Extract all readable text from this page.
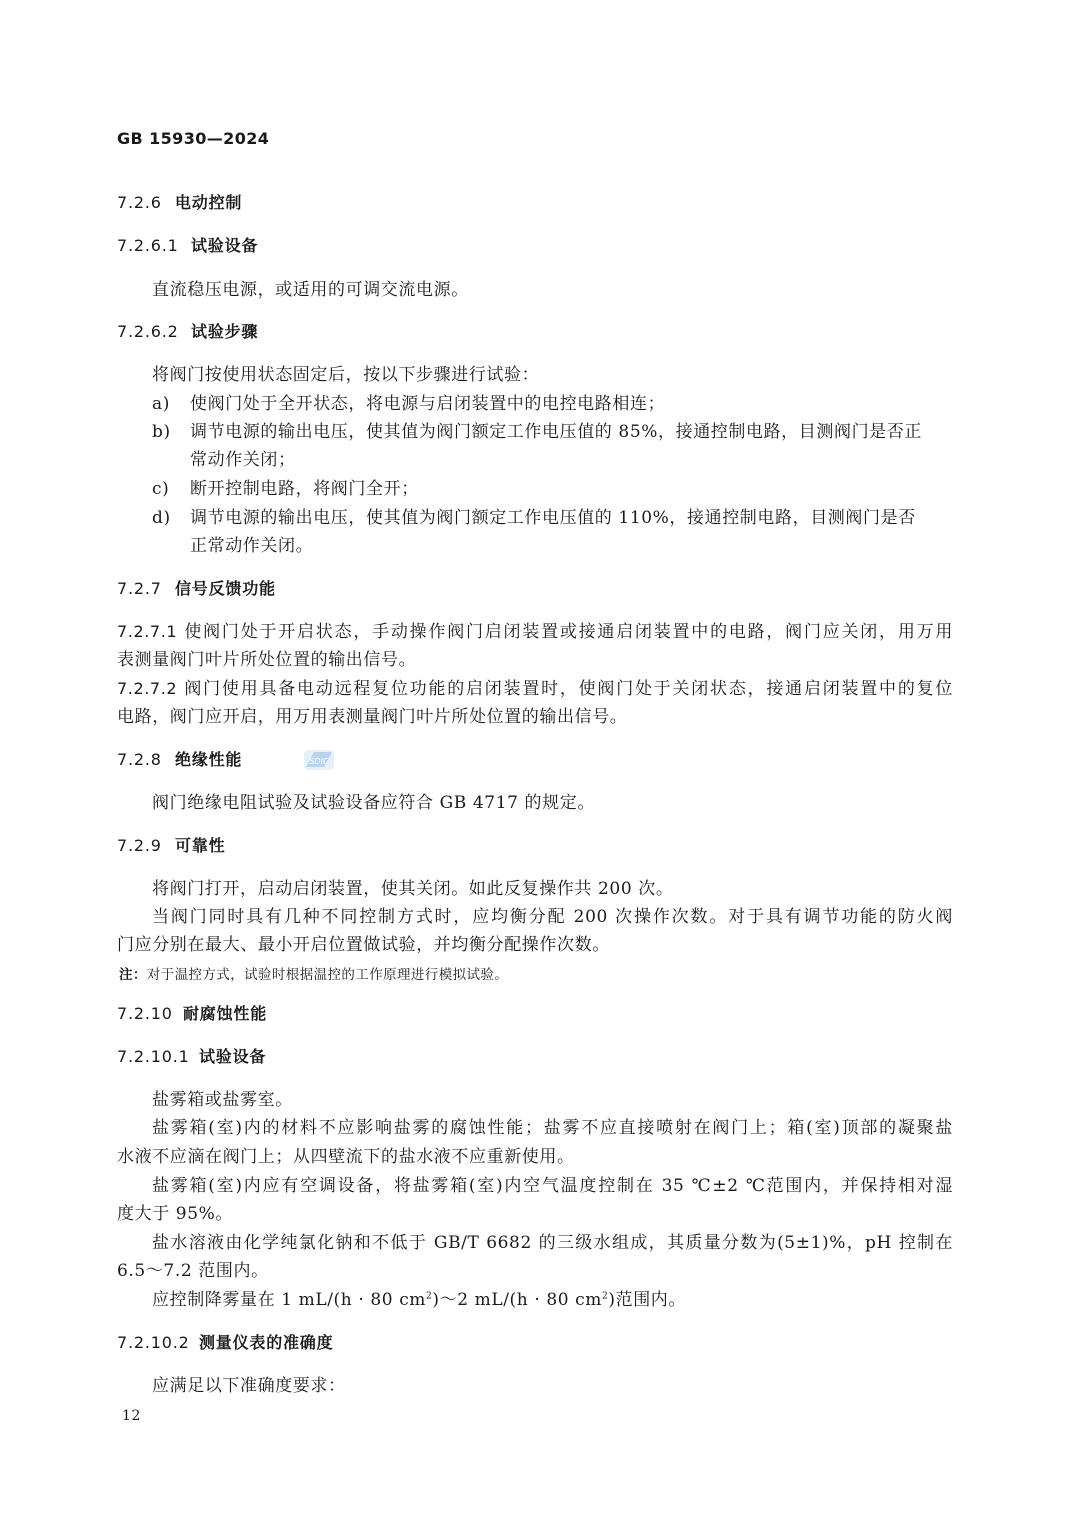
GB 15930—2024
7.2.6 电动控制
7.2.6.1 试验设备
直流稳压电源，或适用的可调交流电源。
7.2.6.2 试验步骤
将阀门按使用状态固定后，按以下步骤进行试验：
a) 使阀门处于全开状态，将电源与启闭装置中的电控电路相连；
b) 调节电源的输出电压，使其值为阀门额定工作电压值的 85%，接通控制电路，目测阀门是否正
常动作关闭；
c) 断开控制电路，将阀门全开；
d) 调节电源的输出电压，使其值为阀门额定工作电压值的 110%，接通控制电路，目测阀门是否
正常动作关闭。
7.2.7 信号反馈功能
7.2.7.1 使阀门处于开启状态，手动操作阀门启闭装置或接通启闭装置中的电路，阀门应关闭，用万用
表测量阀门叶片所处位置的输出信号。
7.2.7.2 阀门使用具备电动远程复位功能的启闭装置时，使阀门处于关闭状态，接通启闭装置中的复位
电路，阀门应开启，用万用表测量阀门叶片所处位置的输出信号。
7.2.8 绝缘性能	SDIC
阀门绝缘电阻试验及试验设备应符合 GB 4717 的规定。
7.2.9 可靠性
将阀门打开，启动启闭装置，使其关闭。如此反复操作共 200 次。
当阀门同时具有几种不同控制方式时，应均衡分配 200 次操作次数。对于具有调节功能的防火阀
门应分别在最大、最小开启位置做试验，并均衡分配操作次数。
注：对于温控方式，试验时根据温控的工作原理进行模拟试验。
7.2.10 耐腐蚀性能
7.2.10.1 试验设备
盐雾箱或盐雾室。
盐雾箱(室)内的材料不应影响盐雾的腐蚀性能；盐雾不应直接喷射在阀门上；箱(室)顶部的凝聚盐
水液不应滴在阀门上；从四壁流下的盐水液不应重新使用。
盐雾箱(室)内应有空调设备，将盐雾箱(室)内空气温度控制在 35 ℃±2 ℃范围内，并保持相对湿
度大于 95%。
盐水溶液由化学纯氯化钠和不低于 GB/T 6682 的三级水组成，其质量分数为(5±1)%，pH 控制在
6.5～7.2 范围内。
应控制降雾量在 1 mL/(h · 80 $cm^2)\sim 2$ mL/(h · 80 $cm^2$)范围内。
7.2.10.2 测量仪表的准确度
应满足以下准确度要求：
12
